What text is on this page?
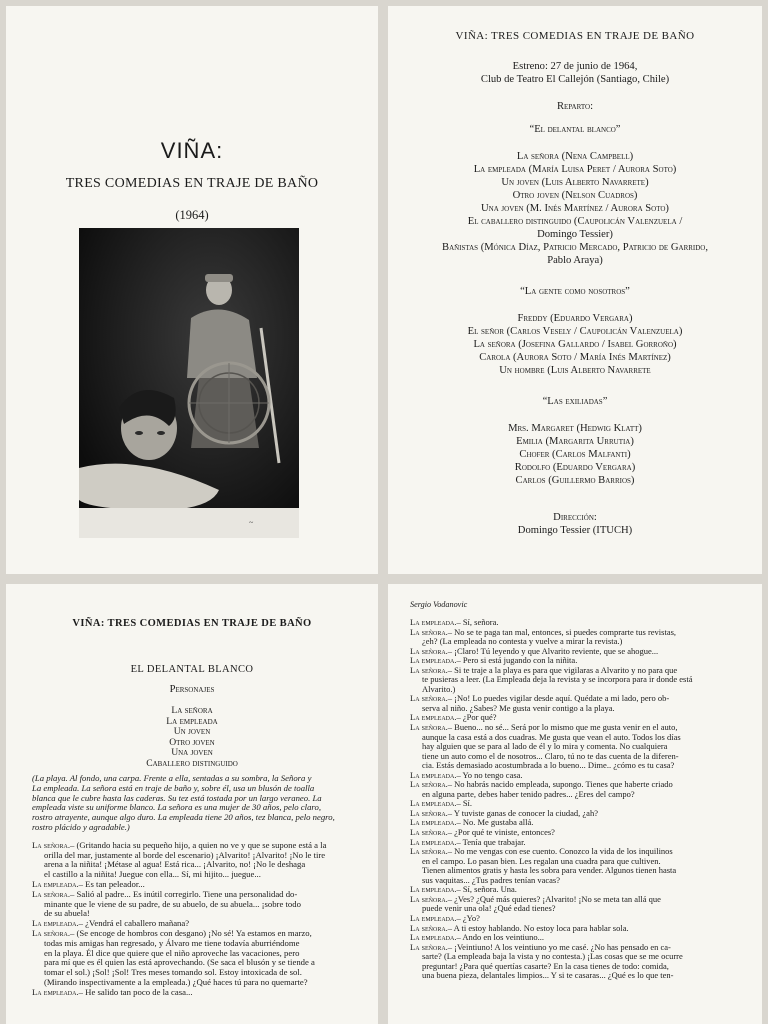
VIÑA:
TRES COMEDIAS EN TRAJE DE BAÑO
(1964)
~
VIÑA: TRES COMEDIAS EN TRAJE DE BAÑO
Estreno: 27 de junio de 1964,
Club de Teatro El Callejón (Santiago, Chile)
Reparto:
“El delantal blanco”
La señora (Nena Campbell)
La empleada (María Luisa Peret / Aurora Soto)
Un joven (Luis Alberto Navarrete)
Otro joven (Nelson Cuadros)
Una joven (M. Inés Martínez / Aurora Soto)
El caballero distinguido (Caupolicán Valenzuela /
Domingo Tessier)
Bañistas (Mónica Díaz, Patricio Mercado, Patricio de Garrido,
Pablo Araya)
“La gente como nosotros”
Freddy (Eduardo Vergara)
El señor (Carlos Vesely / Caupolicán Valenzuela)
La señora (Josefina Gallardo / Isabel Gorroño)
Carola (Aurora Soto / María Inés Martínez)
Un hombre (Luis Alberto Navarrete
“Las exiliadas”
Mrs. Margaret (Hedwig Klatt)
Emilia (Margarita Urrutia)
Chofer (Carlos Malfanti)
Rodolfo (Eduardo Vergara)
Carlos (Guillermo Barrios)
Dirección:
Domingo Tessier (ITUCH)
VIÑA: TRES COMEDIAS EN TRAJE DE BAÑO
EL DELANTAL BLANCO
Personajes
La señora
La empleada
Un joven
Otro joven
Una joven
Caballero distinguido
(La playa. Al fondo, una carpa. Frente a ella, sentadas a su sombra, la Señora y
La empleada. La señora está en traje de baño y, sobre él, usa un blusón de toalla
blanca que le cubre hasta las caderas. Su tez está tostada por un largo veraneo. La
empleada viste su uniforme blanco. La señora es una mujer de 30 años, pelo claro,
rostro atrayente, aunque algo duro. La empleada tiene 20 años, tez blanca, pelo negro,
rostro plácido y agradable.)
La señora.– (Gritando hacia su pequeño hijo, a quien no ve y que se supone está a la
orilla del mar, justamente al borde del escenario) ¡Alvarito! ¡Alvarito! ¡No le tire
arena a la niñita! ¡Métase al agua! Está rica... ¡Alvarito, no! ¡No le deshaga
el castillo a la niñita! Juegue con ella... Sí, mi hijito... juegue...
La empleada.– Es tan peleador...
La señora.– Salió al padre... Es inútil corregirlo. Tiene una personalidad do-
minante que le viene de su padre, de su abuelo, de su abuela... ¡sobre todo
de su abuela!
La empleada.– ¿Vendrá el caballero mañana?
La señora.– (Se encoge de hombros con desgano) ¡No sé! Ya estamos en marzo,
todas mis amigas han regresado, y Álvaro me tiene todavía aburriéndome
en la playa. Él dice que quiere que el niño aproveche las vacaciones, pero
para mí que es él quien las está aprovechando. (Se saca el blusón y se tiende a
tomar el sol.) ¡Sol! ¡Sol! Tres meses tomando sol. Estoy intoxicada de sol.
(Mirando inspectivamente a la empleada.) ¿Qué haces tú para no quemarte?
La empleada.– He salido tan poco de la casa...
Sergio Vodanovic
La empleada.– Sí, señora.
La señora.– No se te paga tan mal, entonces, si puedes comprarte tus revistas,
¿eh? (La empleada no contesta y vuelve a mirar la revista.)
La señora.– ¡Claro! Tú leyendo y que Alvarito reviente, que se ahogue...
La empleada.– Pero si está jugando con la niñita.
La señora.– Si te traje a la playa es para que vigilaras a Alvarito y no para que
te pusieras a leer. (La Empleada deja la revista y se incorpora para ir donde está
Alvarito.)
La señora.– ¡No! Lo puedes vigilar desde aquí. Quédate a mi lado, pero ob-
serva al niño. ¿Sabes? Me gusta venir contigo a la playa.
La empleada.– ¿Por qué?
La señora.– Bueno... no sé... Será por lo mismo que me gusta venir en el auto,
aunque la casa está a dos cuadras. Me gusta que vean el auto. Todos los días
hay alguien que se para al lado de él y lo mira y comenta. No cualquiera
tiene un auto como el de nosotros... Claro, tú no te das cuenta de la diferen-
cia. Estás demasiado acostumbrada a lo bueno... Dime.. ¿cómo es tu casa?
La empleada.– Yo no tengo casa.
La señora.– No habrás nacido empleada, supongo. Tienes que haberte criado
en alguna parte, debes haber tenido padres... ¿Eres del campo?
La empleada.– Sí.
La señora.– Y tuviste ganas de conocer la ciudad, ¿ah?
La empleada.– No. Me gustaba allá.
La señora.– ¿Por qué te viniste, entonces?
La empleada.– Tenía que trabajar.
La señora.– No me vengas con ese cuento. Conozco la vida de los inquilinos
en el campo. Lo pasan bien. Les regalan una cuadra para que cultiven.
Tienen alimentos gratis y hasta les sobra para vender. Algunos tienen hasta
sus vaquitas... ¿Tus padres tenían vacas?
La empleada.– Sí, señora. Una.
La señora.– ¿Ves? ¿Qué más quieres? ¡Alvarito! ¡No se meta tan allá que
puede venir una ola! ¿Qué edad tienes?
La empleada.– ¿Yo?
La señora.– A ti estoy hablando. No estoy loca para hablar sola.
La empleada.– Ando en los veintiuno...
La señora.– ¡Veintiuno! A los veintiuno yo me casé. ¿No has pensado en ca-
sarte? (La empleada baja la vista y no contesta.) ¡Las cosas que se me ocurre
preguntar! ¿Para qué quertías casarte? En la casa tienes de todo: comida,
una buena pieza, delantales limpios... Y si te casaras... ¿Qué es lo que ten-
